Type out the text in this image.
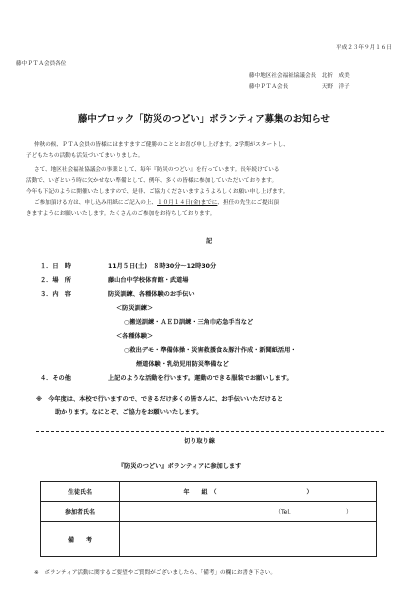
平成２３年９月１６日
藤中ＰＴＡ会員各位
藤中地区社会福祉協議会長　北折　成美
藤中ＰＴＡ会長　　　　　　天野　洋子
藤中ブロック「防災のつどい」ボランティア募集のお知らせ
仲秋の候、ＰＴＡ会員の皆様にはますますご健勝のこととお喜び申し上げます。2学期がスタートし、
子どもたちの活動も活気づいてまいりました。
さて、地区社会福祉協議会の事業として、毎年『防災のつどい』を行っています。長年続けている
活動で、いざという時に欠かせない準備として、例年、多くの皆様に参加していただいております。
今年も下記のように開催いたしますので、是非、ご協力くださいますようよろしくお願い申し上げます。
ご参加頂ける方は、申し込み用紙にご記入の上、１０月１４日(金)までに、担任の先生にご提出頂
きますようにお願いいたします。たくさんのご参加をお待ちしております。
記
１．日　時	11月５日(土)　８時30分～12時30分
２．場　所	藤山台中学校体育館・武道場
３．内　容	防災訓練、各種体験のお手伝い
＜防災訓練＞
○搬送訓練・ＡＥＤ訓練・三角巾応急手当など
＜各種体験＞
○救出デモ・準備体操・災害救援食＆豚汁作成・新聞紙活用・
煙道体験・乳幼児用防災準備など
４．その他	上記のような活動を行います。運動のできる服装でお願いします。
※　今年度は、本校で行いますので、できるだけ多くの皆さんに、お手伝いいただけると
助かります。なにとぞ、ご協力をお願いいたします。
切り取り線
『防災のつどい』ボランティアに参加します
生徒氏名	年　　組　（　　　　　　　　　　　　　　　）
参加者氏名	（Tel．　　　　　　　　　）
備　　考	
※　ボランティア活動に関するご要望やご質問がございましたら、「備考」の欄にお書き下さい。
